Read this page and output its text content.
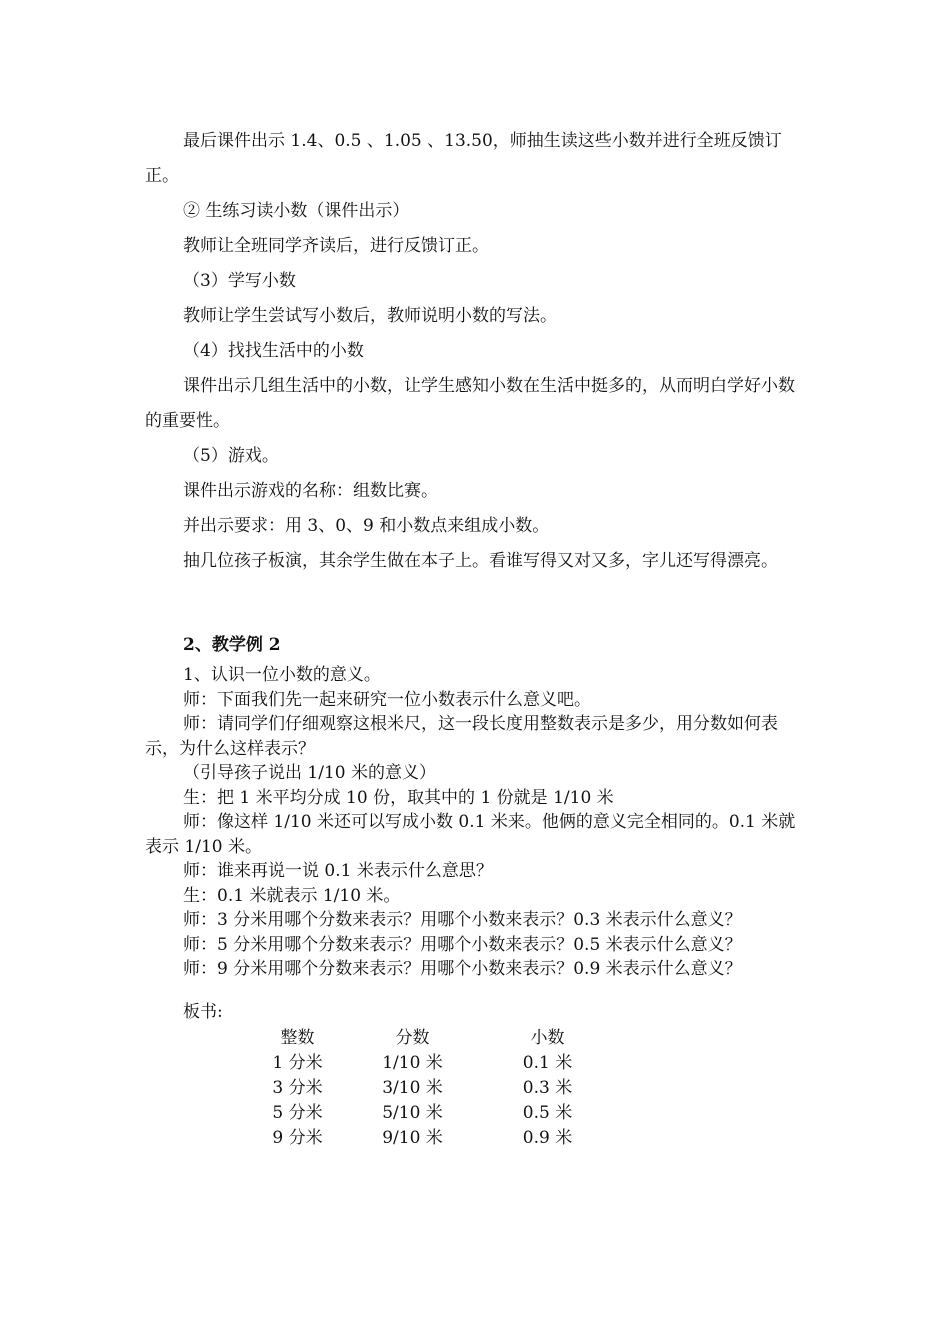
最后课件出示 1.4、0.5 、1.05 、13.50，师抽生读这些小数并进行全班反馈订正。

② 生练习读小数（课件出示）

教师让全班同学齐读后，进行反馈订正。

（3）学写小数

教师让学生尝试写小数后，教师说明小数的写法。

（4）找找生活中的小数

课件出示几组生活中的小数，让学生感知小数在生活中挺多的，从而明白学好小数的重要性。

（5）游戏。

课件出示游戏的名称：组数比赛。

并出示要求：用 3、0、9 和小数点来组成小数。

抽几位孩子板演，其余学生做在本子上。看谁写得又对又多，字儿还写得漂亮。

2、教学例 2

1、认识一位小数的意义。

师：下面我们先一起来研究一位小数表示什么意义吧。

师：请同学们仔细观察这根米尺，这一段长度用整数表示是多少，用分数如何表示，为什么这样表示？

（引导孩子说出 1/10 米的意义）

生：把 1 米平均分成 10 份，取其中的 1 份就是 1/10 米

师：像这样 1/10 米还可以写成小数 0.1 米来。他俩的意义完全相同的。0.1 米就表示 1/10 米。

师：谁来再说一说 0.1 米表示什么意思？

生：0.1 米就表示 1/10 米。

师：3 分米用哪个分数来表示？用哪个小数来表示？0.3 米表示什么意义？

师：5 分米用哪个分数来表示？用哪个小数来表示？0.5 米表示什么意义？

师：9 分米用哪个分数来表示？用哪个小数来表示？0.9 米表示什么意义？

板书:

整数	分数	小数
1 分米	1/10 米	0.1 米
3 分米	3/10 米	0.3 米
5 分米	5/10 米	0.5 米
9 分米	9/10 米	0.9 米
